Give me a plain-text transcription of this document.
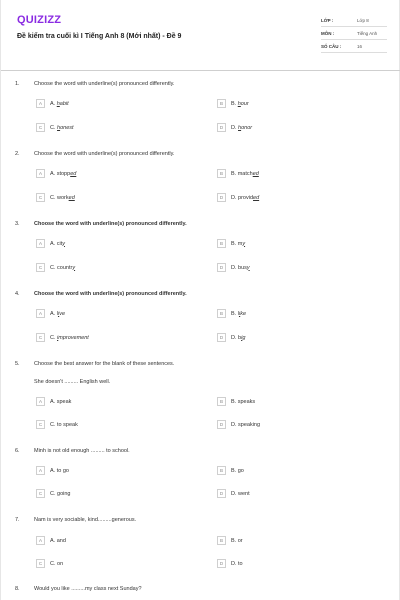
QUIZIZZ
Đề kiểm tra cuối kì I Tiếng Anh 8 (Mới nhất) - Đề 9
LỚP :	Lớp 8
MÔN :	Tiếng Anh
SỐ CÂU :	16
1.	Choose the word with underline(s) pronounced differently.
A	A. habit	B	B. hour
C	C. honest	D	D. honor
2.	Choose the word with underline(s) pronounced differently.
A	A. stopped	B	B. matched
C	C. worked	D	D. provided
3.	Choose the word with underline(s) pronounced differently.
A	A. city	B	B. my
C	C. country	D	D. busy
4.	Choose the word with underline(s) pronounced differently.
A	A. live	B	B. like
C	C. improvement	D	D. big
5.	Choose the best answer for the blank of these sentences.
She doesn't ......... English well.
A	A. speak	B	B. speaks
C	C. to speak	D	D. speaking
6.	Minh is not old enough ......... to school.
A	A. to go	B	B. go
C	C. going	D	D. went
7.	Nam is very sociable, kind.........generous.
A	A. and	B	B. or
C	C. on	D	D. to
8.	Would you like .........my class next Sunday?
